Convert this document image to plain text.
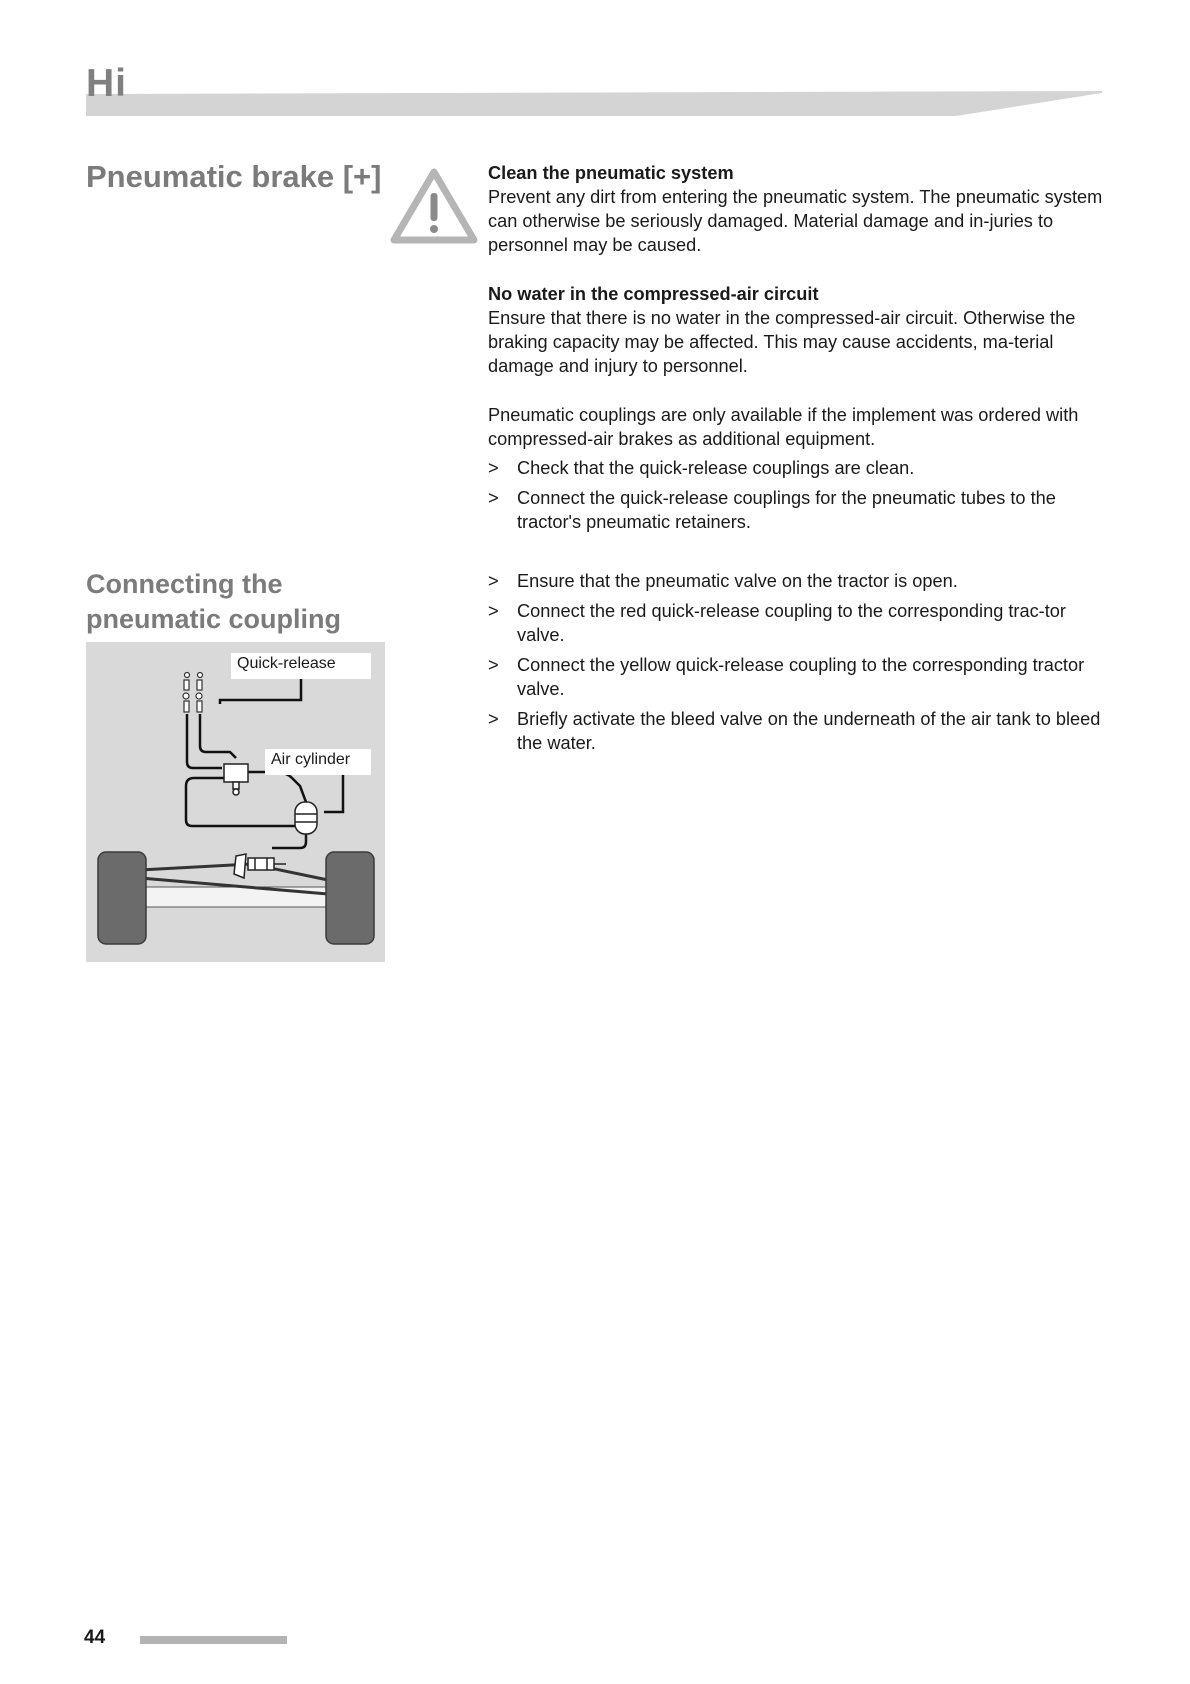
Hi
Pneumatic brake [+]	Clean the pneumatic system

Prevent any dirt from entering the pneumatic system. The pneumatic system can otherwise be seriously damaged. Material damage and in-juries to personnel may be caused.

No water in the compressed-air circuit

Ensure that there is no water in the compressed-air circuit. Otherwise the braking capacity may be affected. This may cause accidents, ma-terial damage and injury to personnel.

Pneumatic couplings are only available if the implement was ordered with compressed-air brakes as additional equipment.

> Check that the quick-release couplings are clean.
> Connect the quick-release couplings for the pneumatic tubes to the tractor's pneumatic retainers.
Connecting the pneumatic coupling
Quick-release
Air cylinder
> Ensure that the pneumatic valve on the tractor is open.
> Connect the red quick-release coupling to the corresponding trac-tor valve.
> Connect the yellow quick-release coupling to the corresponding tractor valve.
> Briefly activate the bleed valve on the underneath of the air tank to bleed the water.
44
